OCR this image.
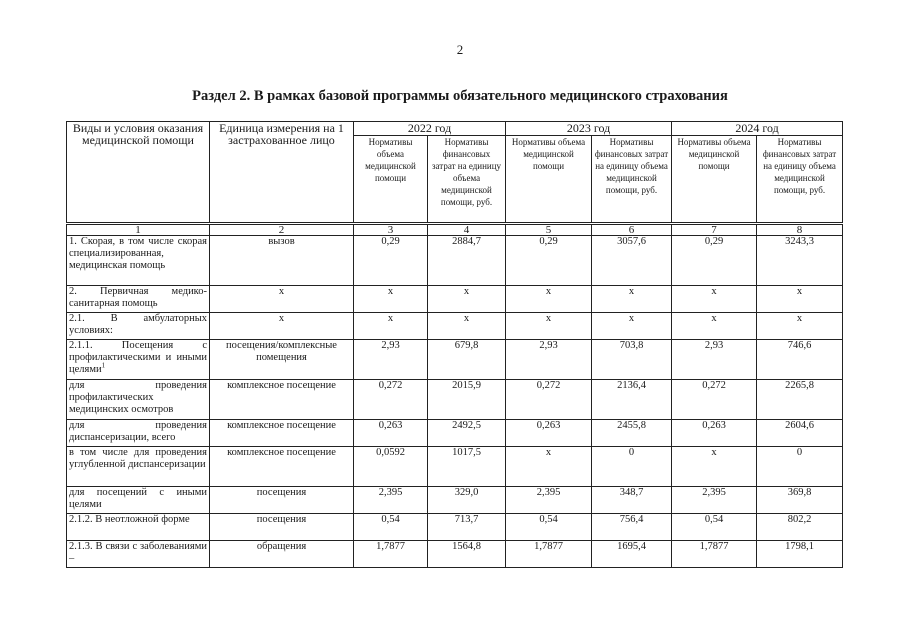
2
Раздел 2. В рамках базовой программы обязательного медицинского страхования
Виды и условия оказания медицинской помощи	Единица измерения на 1 застрахованное лицо	2022 год		2023 год		2024 год	
		Нормативы объема медицинской помощи	Нормативы финансовых затрат на единицу объема медицинской помощи, руб.	Нормативы объема медицинской помощи	Нормативы финансовых затрат на единицу объема медицинской помощи, руб.	Нормативы объема медицинской помощи	Нормативы финансовых затрат на единицу объема медицинской помощи, руб.
1	2	3	4	5	6	7	8
1. Скорая, в том числе скорая специализированная, медицинская помощь	вызов	0,29	2884,7	0,29	3057,6	0,29	3243,3
2. Первичная медико-санитарная помощь	х	х	х	х	х	х	х
2.1. В амбулаторных условиях:	х	х	х	х	х	х	х
2.1.1. Посещения с профилактическими и иными целями$^1$	посещения/комплексные помещения	2,93	679,8	2,93	703,8	2,93	746,6
для проведения профилактических медицинских осмотров	комплексное посещение	0,272	2015,9	0,272	2136,4	0,272	2265,8
для проведения диспансеризации, всего	комплексное посещение	0,263	2492,5	0,263	2455,8	0,263	2604,6
в том числе для проведения углубленной диспансеризации	комплексное посещение	0,0592	1017,5	х	0	х	0
для посещений с иными целями	посещения	2,395	329,0	2,395	348,7	2,395	369,8
2.1.2. В неотложной форме	посещения	0,54	713,7	0,54	756,4	0,54	802,2
2.1.3. В связи с заболеваниями –	обращения	1,7877	1564,8	1,7877	1695,4	1,7877	1798,1
